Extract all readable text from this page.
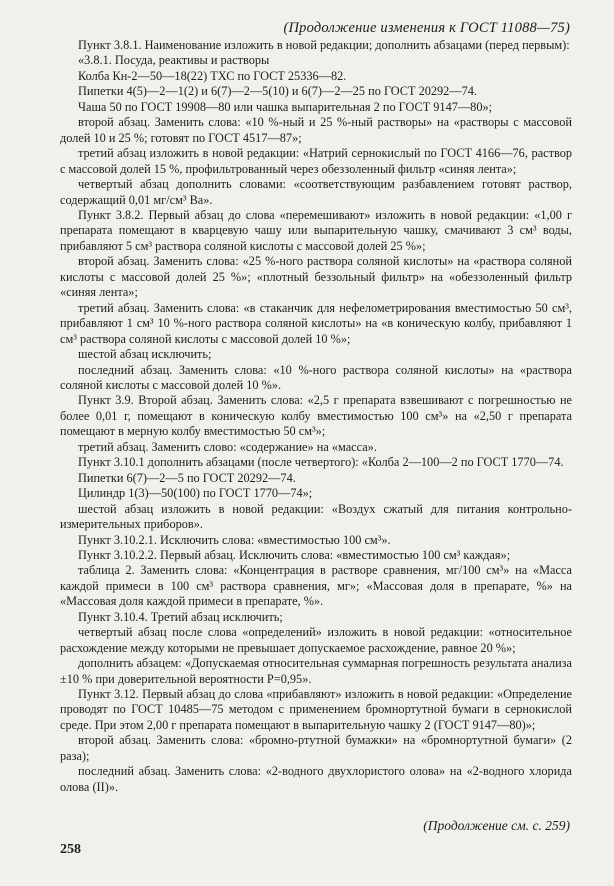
(Продолжение изменения к ГОСТ 11088—75)

Пункт 3.8.1. Наименование изложить в новой редакции; дополнить абзацами (перед первым):

«3.8.1. Посуда, реактивы и растворы

Колба Кн-2—50—18(22) ТХС по ГОСТ 25336—82.

Пипетки 4(5)—2—1(2) и 6(7)—2—5(10) и 6(7)—2—25 по ГОСТ 20292—74.

Чаша 50 по ГОСТ 19908—80 или чашка выпарительная 2 по ГОСТ 9147—80»;

второй абзац. Заменить слова: «10 %-ный и 25 %-ный растворы» на «растворы с массовой долей 10 и 25 %; готовят по ГОСТ 4517—87»;

третий абзац изложить в новой редакции: «Натрий сернокислый по ГОСТ 4166—76, раствор с массовой долей 15 %, профильтрованный через обеззоленный фильтр «синяя лента»;

четвертый абзац дополнить словами: «соответствующим разбавлением готовят раствор, содержащий 0,01 мг/см³ Ва».

Пункт 3.8.2. Первый абзац до слова «перемешивают» изложить в новой редакции: «1,00 г препарата помещают в кварцевую чашу или выпарительную чашку, смачивают 3 см³ воды, прибавляют 5 см³ раствора соляной кислоты с массовой долей 25 %»;

второй абзац. Заменить слова: «25 %-ного раствора соляной кислоты» на «раствора соляной кислоты с массовой долей 25 %»; «плотный беззольный фильтр» на «обеззоленный фильтр «синяя лента»;

третий абзац. Заменить слова: «в стаканчик для нефелометрирования вместимостью 50 см³, прибавляют 1 см³ 10 %-ного раствора соляной кислоты» на «в коническую колбу, прибавляют 1 см³ раствора соляной кислоты с массовой долей 10 %»;

шестой абзац исключить;

последний абзац. Заменить слова: «10 %-ного раствора соляной кислоты» на «раствора соляной кислоты с массовой долей 10 %».

Пункт 3.9. Второй абзац. Заменить слова: «2,5 г препарата взвешивают с погрешностью не более 0,01 г, помещают в коническую колбу вместимостью 100 см³» на «2,50 г препарата помещают в мерную колбу вместимостью 50 см³»;

третий абзац. Заменить слово: «содержание» на «масса».

Пункт 3.10.1 дополнить абзацами (после четвертого): «Колба 2—100—2 по ГОСТ 1770—74.

Пипетки 6(7)—2—5 по ГОСТ 20292—74.

Цилиндр 1(3)—50(100) по ГОСТ 1770—74»;

шестой абзац изложить в новой редакции: «Воздух сжатый для питания контрольно-измерительных приборов».

Пункт 3.10.2.1. Исключить слова: «вместимостью 100 см³».

Пункт 3.10.2.2. Первый абзац. Исключить слова: «вместимостью 100 см³ каждая»;

таблица 2. Заменить слова: «Концентрация в растворе сравнения, мг/100 см³» на «Масса каждой примеси в 100 см³ раствора сравнения, мг»; «Массовая доля в препарате, %» на «Массовая доля каждой примеси в препарате, %».

Пункт 3.10.4. Третий абзац исключить;

четвертый абзац после слова «определений» изложить в новой редакции: «относительное расхождение между которыми не превышает допускаемое расхождение, равное 20 %»;

дополнить абзацем: «Допускаемая относительная суммарная погрешность результата анализа ±10 % при доверительной вероятности P=0,95».

Пункт 3.12. Первый абзац до слова «прибавляют» изложить в новой редакции: «Определение проводят по ГОСТ 10485—75 методом с применением бромнортутной бумаги в сернокислой среде. При этом 2,00 г препарата помещают в выпарительную чашку 2 (ГОСТ 9147—80)»;

второй абзац. Заменить слова: «бромно-ртутной бумажки» на «бромнортутной бумаги» (2 раза);

последний абзац. Заменить слова: «2-водного двухлористого олова» на «2-водного хлорида олова (II)».

(Продолжение см. с. 259)
258
